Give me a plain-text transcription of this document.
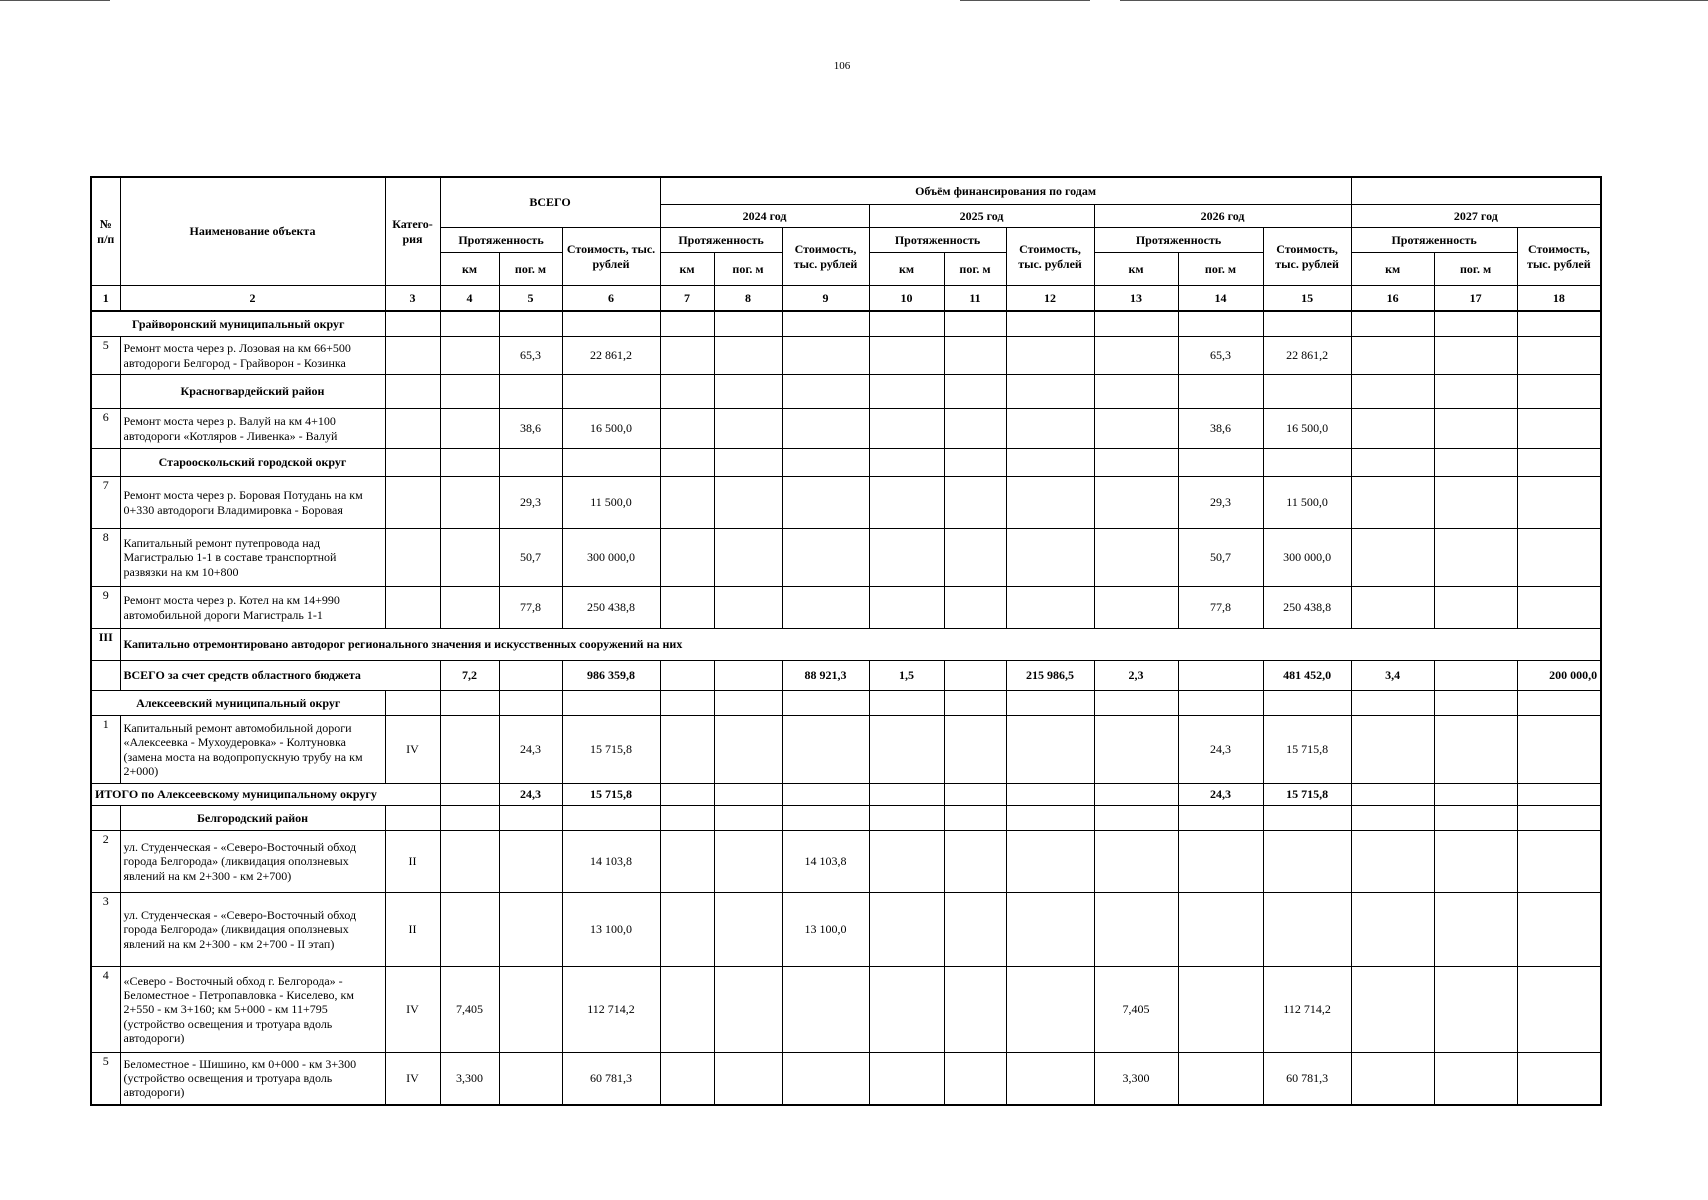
106
№ п/п	Наименование объекта	Катего-рия	ВСЕГО			Объём финансирования по годам											
						2024 год			2025 год			2026 год			2027 год		
			Протяженность		Стоимость, тыс. рублей	Протяженность		Стоимость, тыс. рублей	Протяженность		Стоимость, тыс. рублей	Протяженность		Стоимость, тыс. рублей	Протяженность		Стоимость, тыс. рублей
			км	пог. м		км	пог. м		км	пог. м		км	пог. м		км	пог. м	
1	2	3	4	5	6	7	8	9	10	11	12	13	14	15	16	17	18
Грайворонский муниципальный округ																	
5	Ремонт моста через р. Лозовая на км 66+500 автодороги Белгород - Грайворон - Козинка			65,3	22 861,2								65,3	22 861,2			
	Красногвардейский район																
6	Ремонт моста через р. Валуй на км 4+100 автодороги «Котляров - Ливенка» - Валуй			38,6	16 500,0								38,6	16 500,0			
	Старооскольский городской округ																
7	Ремонт моста через р. Боровая Потудань на км 0+330 автодороги Владимировка - Боровая			29,3	11 500,0								29,3	11 500,0			
8	Капитальный ремонт путепровода над Магистралью 1-1 в составе транспортной развязки на км 10+800			50,7	300 000,0								50,7	300 000,0			
9	Ремонт моста через р. Котел на км 14+990 автомобильной дороги Магистраль 1-1			77,8	250 438,8								77,8	250 438,8			
III	Капитально отремонтировано автодорог регионального значения и искусственных сооружений на них																
	ВСЕГО за счет средств областного бюджета		7,2		986 359,8			88 921,3	1,5		215 986,5	2,3		481 452,0	3,4		200 000,0
Алексеевский муниципальный округ																	
1	Капитальный ремонт автомобильной дороги «Алексеевка - Мухоудеровка» - Колтуновка (замена моста на водопропускную трубу на км 2+000)	IV		24,3	15 715,8								24,3	15 715,8			
ИТОГО по Алексеевскому муниципальному округу				24,3	15 715,8								24,3	15 715,8			
	Белгородский район																
2	ул. Студенческая - «Северо-Восточный обход города Белгорода» (ликвидация оползневых явлений на км 2+300 - км 2+700)	II			14 103,8			14 103,8									
3	ул. Студенческая - «Северо-Восточный обход города Белгорода» (ликвидация оползневых явлений на км 2+300 - км 2+700 - II этап)	II			13 100,0			13 100,0									
4	«Северо - Восточный обход г. Белгорода» - Беломестное - Петропавловка - Киселево, км 2+550 - км 3+160; км 5+000 - км 11+795 (устройство освещения и тротуара вдоль автодороги)	IV	7,405		112 714,2							7,405		112 714,2			
5	Беломестное - Шишино, км 0+000 - км 3+300 (устройство освещения и тротуара вдоль автодороги)	IV	3,300		60 781,3							3,300		60 781,3			
